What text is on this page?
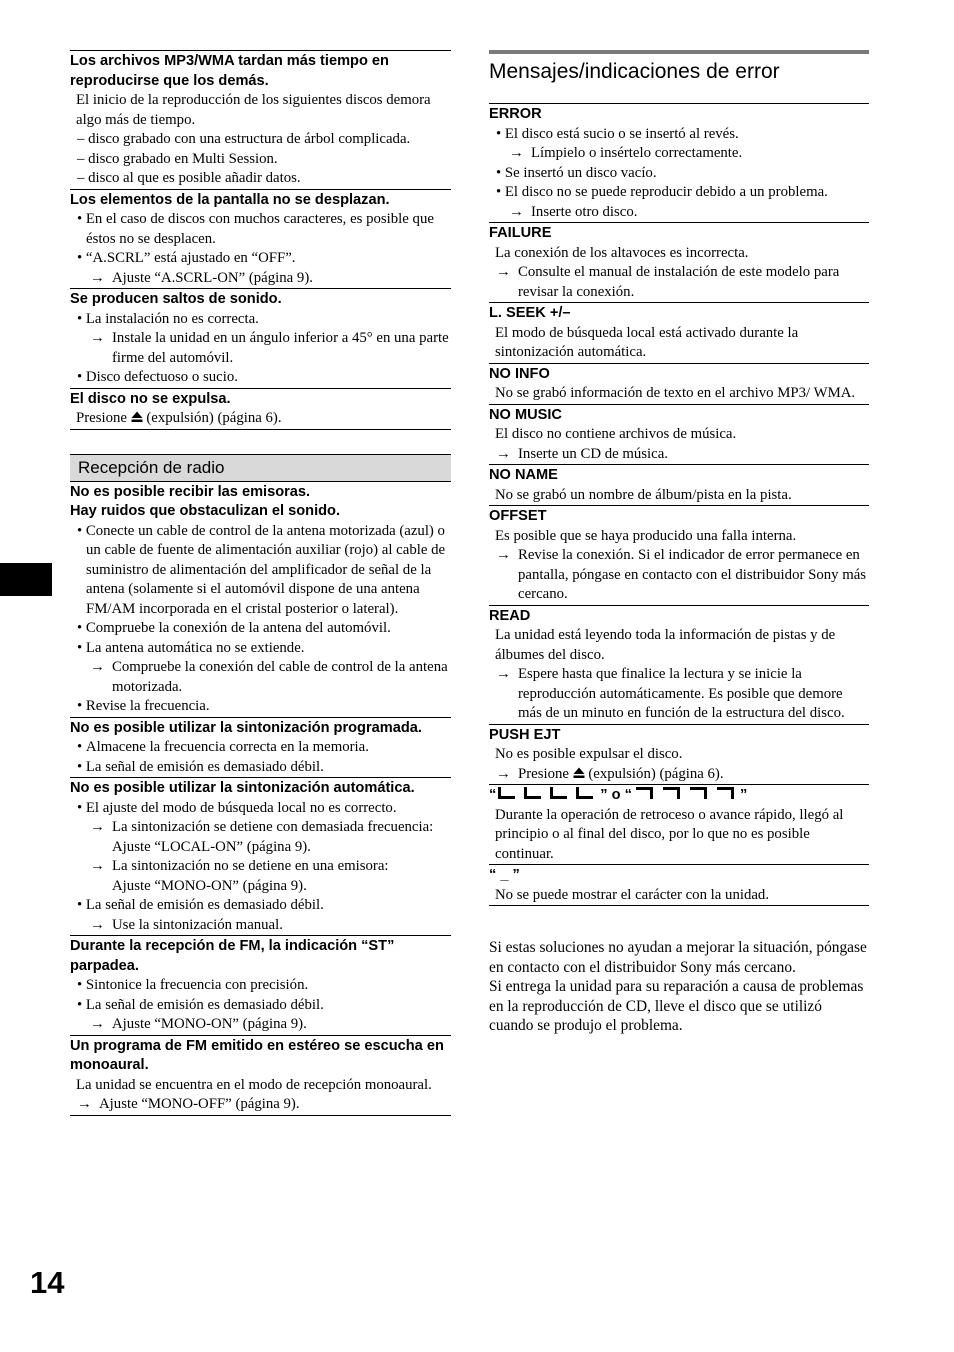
Los archivos MP3/WMA tardan más tiempo en reproducirse que los demás.
El inicio de la reproducción de los siguientes discos demora algo más de tiempo.
– disco grabado con una estructura de árbol complicada.
– disco grabado en Multi Session.
– disco al que es posible añadir datos.
Los elementos de la pantalla no se desplazan.
• En el caso de discos con muchos caracteres, es posible que éstos no se desplacen.
• “A.SCRL” está ajustado en “OFF”.
→ Ajuste “A.SCRL-ON” (página 9).
Se producen saltos de sonido.
• La instalación no es correcta.
→ Instale la unidad en un ángulo inferior a 45° en una parte firme del automóvil.
• Disco defectuoso o sucio.
El disco no se expulsa.
Presione (expulsión) (página 6).
Recepción de radio
No es posible recibir las emisoras.
Hay ruidos que obstaculizan el sonido.
• Conecte un cable de control de la antena motorizada (azul) o un cable de fuente de alimentación auxiliar (rojo) al cable de suministro de alimentación del amplificador de señal de la antena (solamente si el automóvil dispone de una antena FM/AM incorporada en el cristal posterior o lateral).
• Compruebe la conexión de la antena del automóvil.
• La antena automática no se extiende.
→ Compruebe la conexión del cable de control de la antena motorizada.
• Revise la frecuencia.
No es posible utilizar la sintonización programada.
• Almacene la frecuencia correcta en la memoria.
• La señal de emisión es demasiado débil.
No es posible utilizar la sintonización automática.
• El ajuste del modo de búsqueda local no es correcto.
→ La sintonización se detiene con demasiada frecuencia:
Ajuste “LOCAL-ON” (página 9).
→ La sintonización no se detiene en una emisora:
Ajuste “MONO-ON” (página 9).
• La señal de emisión es demasiado débil.
→ Use la sintonización manual.
Durante la recepción de FM, la indicación “ST” parpadea.
• Sintonice la frecuencia con precisión.
• La señal de emisión es demasiado débil.
→ Ajuste “MONO-ON” (página 9).
Un programa de FM emitido en estéreo se escucha en monoaural.
La unidad se encuentra en el modo de recepción monoaural.
→ Ajuste “MONO-OFF” (página 9).
Mensajes/indicaciones de error
ERROR
• El disco está sucio o se insertó al revés.
→ Límpielo o insértelo correctamente.
• Se insertó un disco vacío.
• El disco no se puede reproducir debido a un problema.
→ Inserte otro disco.
FAILURE
La conexión de los altavoces es incorrecta.
→ Consulte el manual de instalación de este modelo para revisar la conexión.
L. SEEK +/–
El modo de búsqueda local está activado durante la sintonización automática.
NO INFO
No se grabó información de texto en el archivo MP3/ WMA.
NO MUSIC
El disco no contiene archivos de música.
→ Inserte un CD de música.
NO NAME
No se grabó un nombre de álbum/pista en la pista.
OFFSET
Es posible que se haya producido una falla interna.
→ Revise la conexión. Si el indicador de error permanece en pantalla, póngase en contacto con el distribuidor Sony más cercano.
READ
La unidad está leyendo toda la información de pistas y de álbumes del disco.
→ Espere hasta que finalice la lectura y se inicie la reproducción automáticamente. Es posible que demore más de un minuto en función de la estructura del disco.
PUSH EJT
No es posible expulsar el disco.
→ Presione (expulsión) (página 6).
“	” o “	”
Durante la operación de retroceso o avance rápido, llegó al principio o al final del disco, por lo que no es posible continuar.
“ _ ”
No se puede mostrar el carácter con la unidad.
Si estas soluciones no ayudan a mejorar la situación, póngase en contacto con el distribuidor Sony más cercano.
Si entrega la unidad para su reparación a causa de problemas en la reproducción de CD, lleve el disco que se utilizó cuando se produjo el problema.
14
